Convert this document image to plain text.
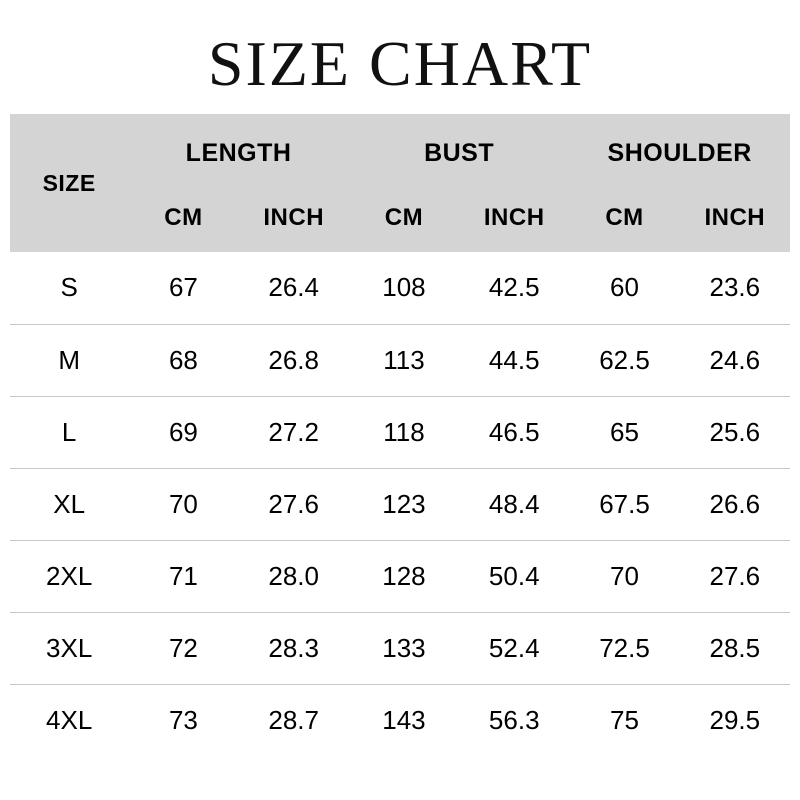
SIZE CHART
SIZE	LENGTH		BUST		SHOULDER	
	CM	INCH	CM	INCH	CM	INCH
S	67	26.4	108	42.5	60	23.6
M	68	26.8	113	44.5	62.5	24.6
L	69	27.2	118	46.5	65	25.6
XL	70	27.6	123	48.4	67.5	26.6
2XL	71	28.0	128	50.4	70	27.6
3XL	72	28.3	133	52.4	72.5	28.5
4XL	73	28.7	143	56.3	75	29.5
